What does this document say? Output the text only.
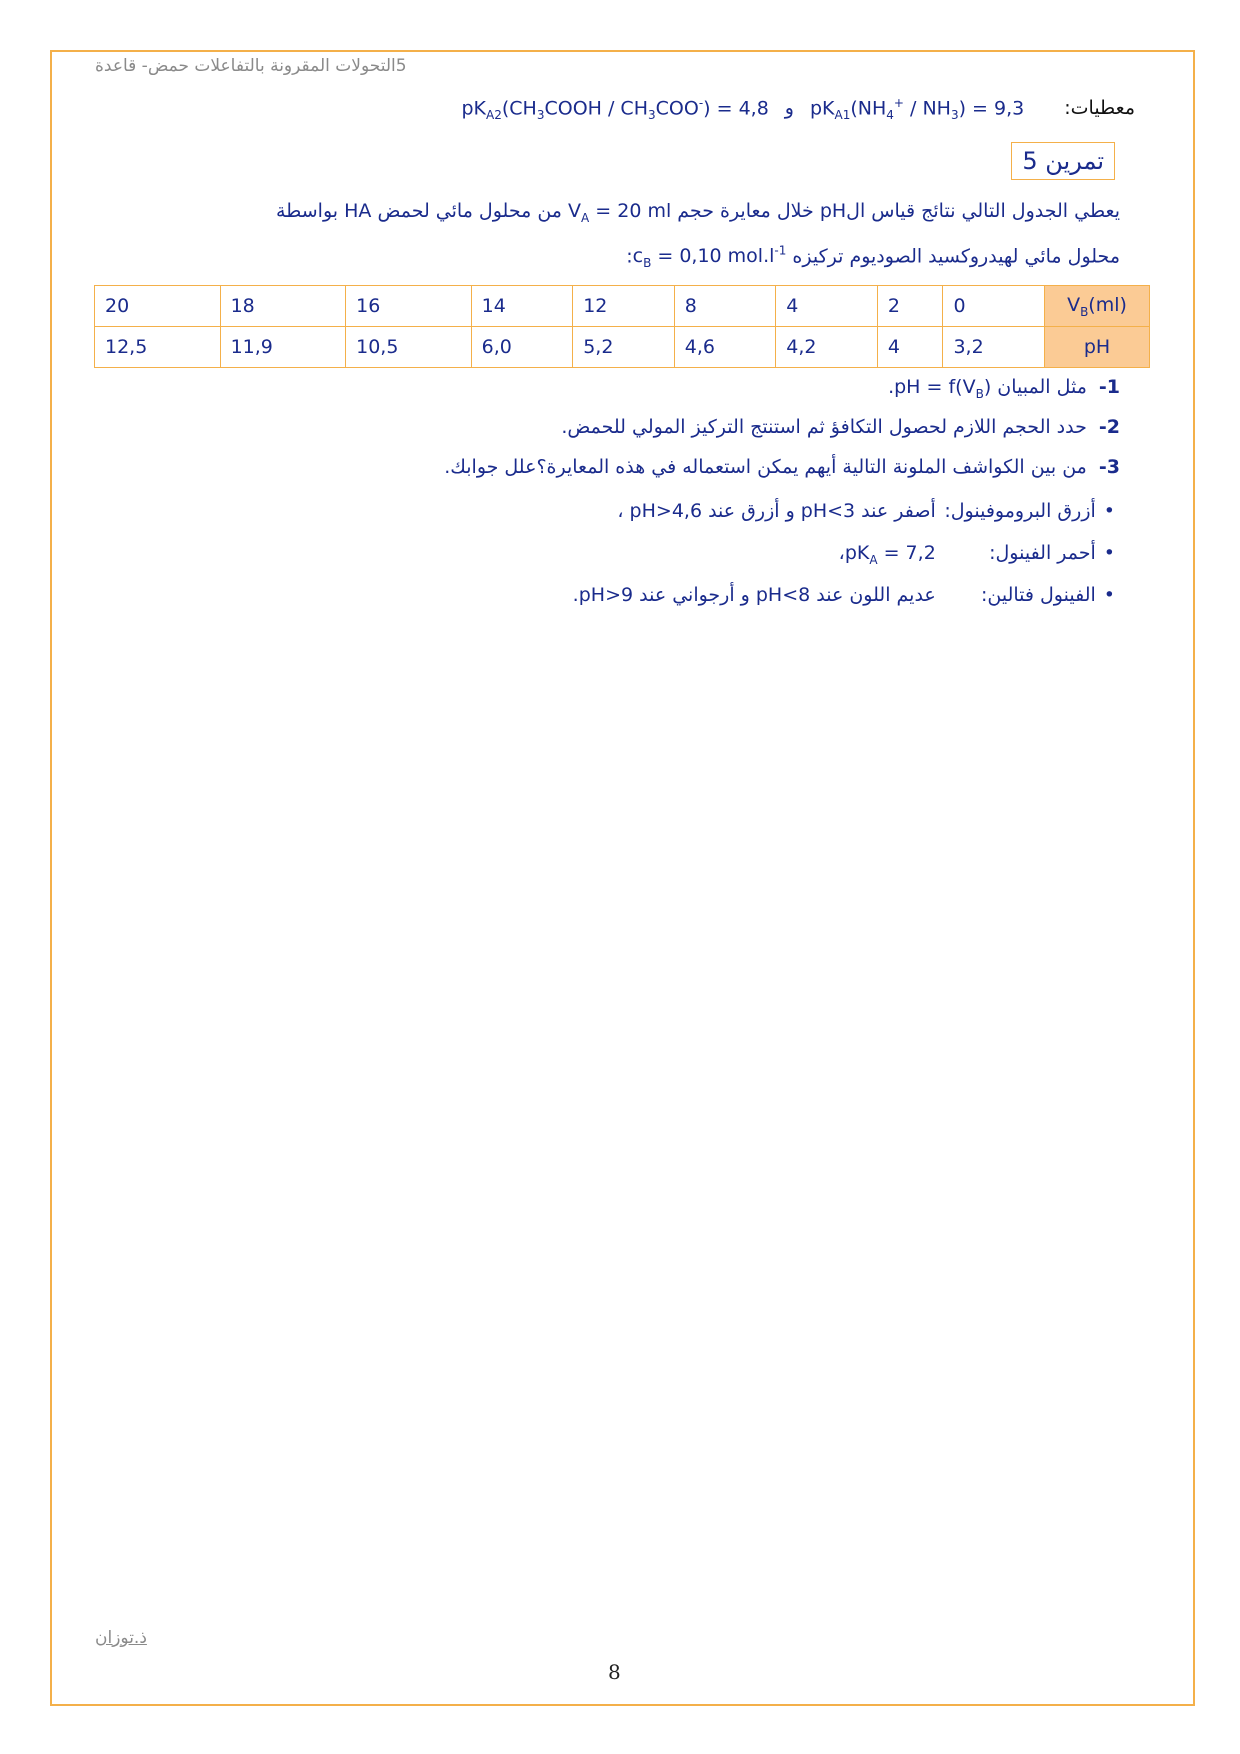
5التحولات المقرونة بالتفاعلات حمض- قاعدة
معطيات:
$pK_{A1}(NH_4^+ / NH_3) = 9,3$
و
$pK_{A2}(CH_3COOH / CH_3COO^-) = 4,8$
تمرين 5
يعطي الجدول التالي نتائج قياس الpH خلال معايرة حجم $V_A = 20$ ml من محلول مائي لحمض HA بواسطة
محلول مائي لهيدروكسيد الصوديوم تركيزه $c_B = 0,10$ $mol.l^{-1}$:
$V_B(ml)$	0	2	4	8	12	14	16	18	20
pH	3,2	4	4,2	4,6	5,2	6,0	10,5	11,9	12,5
1-مثل المبيان pH = $f(V_B)$.
2-حدد الحجم اللازم لحصول التكافؤ ثم استنتج التركيز المولي للحمض.
3-من بين الكواشف الملونة التالية أيهم يمكن استعماله في هذه المعايرة؟علل جوابك.
•أزرق البروموفينول:أصفر عند pH<3 و أزرق عند pH>4,6 ،
•أحمر $الفينول:pK_A$ = 7,2،
•الفينول فتالين:عديم اللون عند pH<8 و أرجواني عند pH>9.
ذ.توزان
8
